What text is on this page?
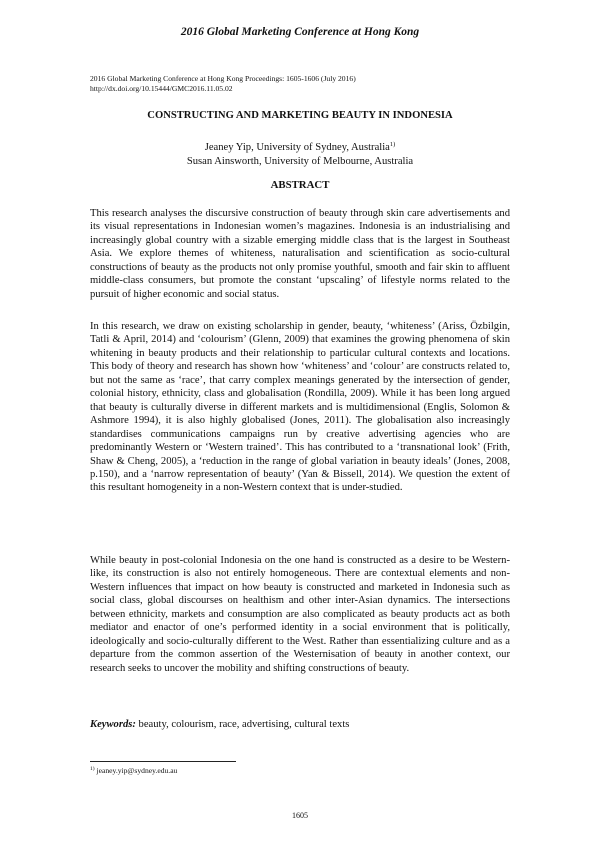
2016 Global Marketing Conference at Hong Kong
2016 Global Marketing Conference at Hong Kong Proceedings: 1605-1606 (July 2016)
http://dx.doi.org/10.15444/GMC2016.11.05.02
CONSTRUCTING AND MARKETING BEAUTY IN INDONESIA
Jeaney Yip, University of Sydney, Australia$^{1)}$
Susan Ainsworth, University of Melbourne, Australia
ABSTRACT

This research analyses the discursive construction of beauty through skin care advertisements and its visual representations in Indonesian women’s magazines. Indonesia is an industrialising and increasingly global country with a sizable emerging middle class that is the largest in Southeast Asia. We explore themes of whiteness, naturalisation and scientification as socio-cultural constructions of beauty as the products not only promise youthful, smooth and fair skin to affluent middle-class consumers, but promote the constant ‘upscaling’ of lifestyle norms related to the pursuit of higher economic and social status.

In this research, we draw on existing scholarship in gender, beauty, ‘whiteness’ (Ariss, Özbilgin, Tatli & April, 2014) and ‘colourism’ (Glenn, 2009) that examines the growing phenomena of skin whitening in beauty products and their relationship to particular cultural contexts and locations. This body of theory and research has shown how ‘whiteness’ and ‘colour’ are constructs related to, but not the same as ‘race’, that carry complex meanings generated by the intersection of gender, colonial history, ethnicity, class and globalisation (Rondilla, 2009). While it has been long argued that beauty is culturally diverse in different markets and is multidimensional (Englis, Solomon & Ashmore 1994), it is also highly globalised (Jones, 2011). The globalisation also increasingly standardises communications campaigns run by creative advertising agencies who are predominantly Western or ‘Western trained’. This has contributed to a ‘transnational look’ (Frith, Shaw & Cheng, 2005), a ‘reduction in the range of global variation in beauty ideals’ (Jones, 2008, p.150), and a ‘narrow representation of beauty’ (Yan & Bissell, 2014). We question the extent of this resultant homogeneity in a non-Western context that is under-studied.

While beauty in post-colonial Indonesia on the one hand is constructed as a desire to be Western-like, its construction is also not entirely homogeneous. There are contextual elements and non-Western influences that impact on how beauty is constructed and marketed in Indonesia such as social class, global discourses on healthism and other inter-Asian dynamics. The intersections between ethnicity, markets and consumption are also complicated as beauty products act as both mediator and enactor of one’s performed identity in a social environment that is politically, ideologically and socio-culturally different to the West. Rather than essentializing culture and as a departure from the common assertion of the Westernisation of beauty in another context, our research seeks to uncover the mobility and shifting constructions of beauty.

Keywords: beauty, colourism, race, advertising, cultural texts
$^{1)}$ jeaney.yip@sydney.edu.au
1605
